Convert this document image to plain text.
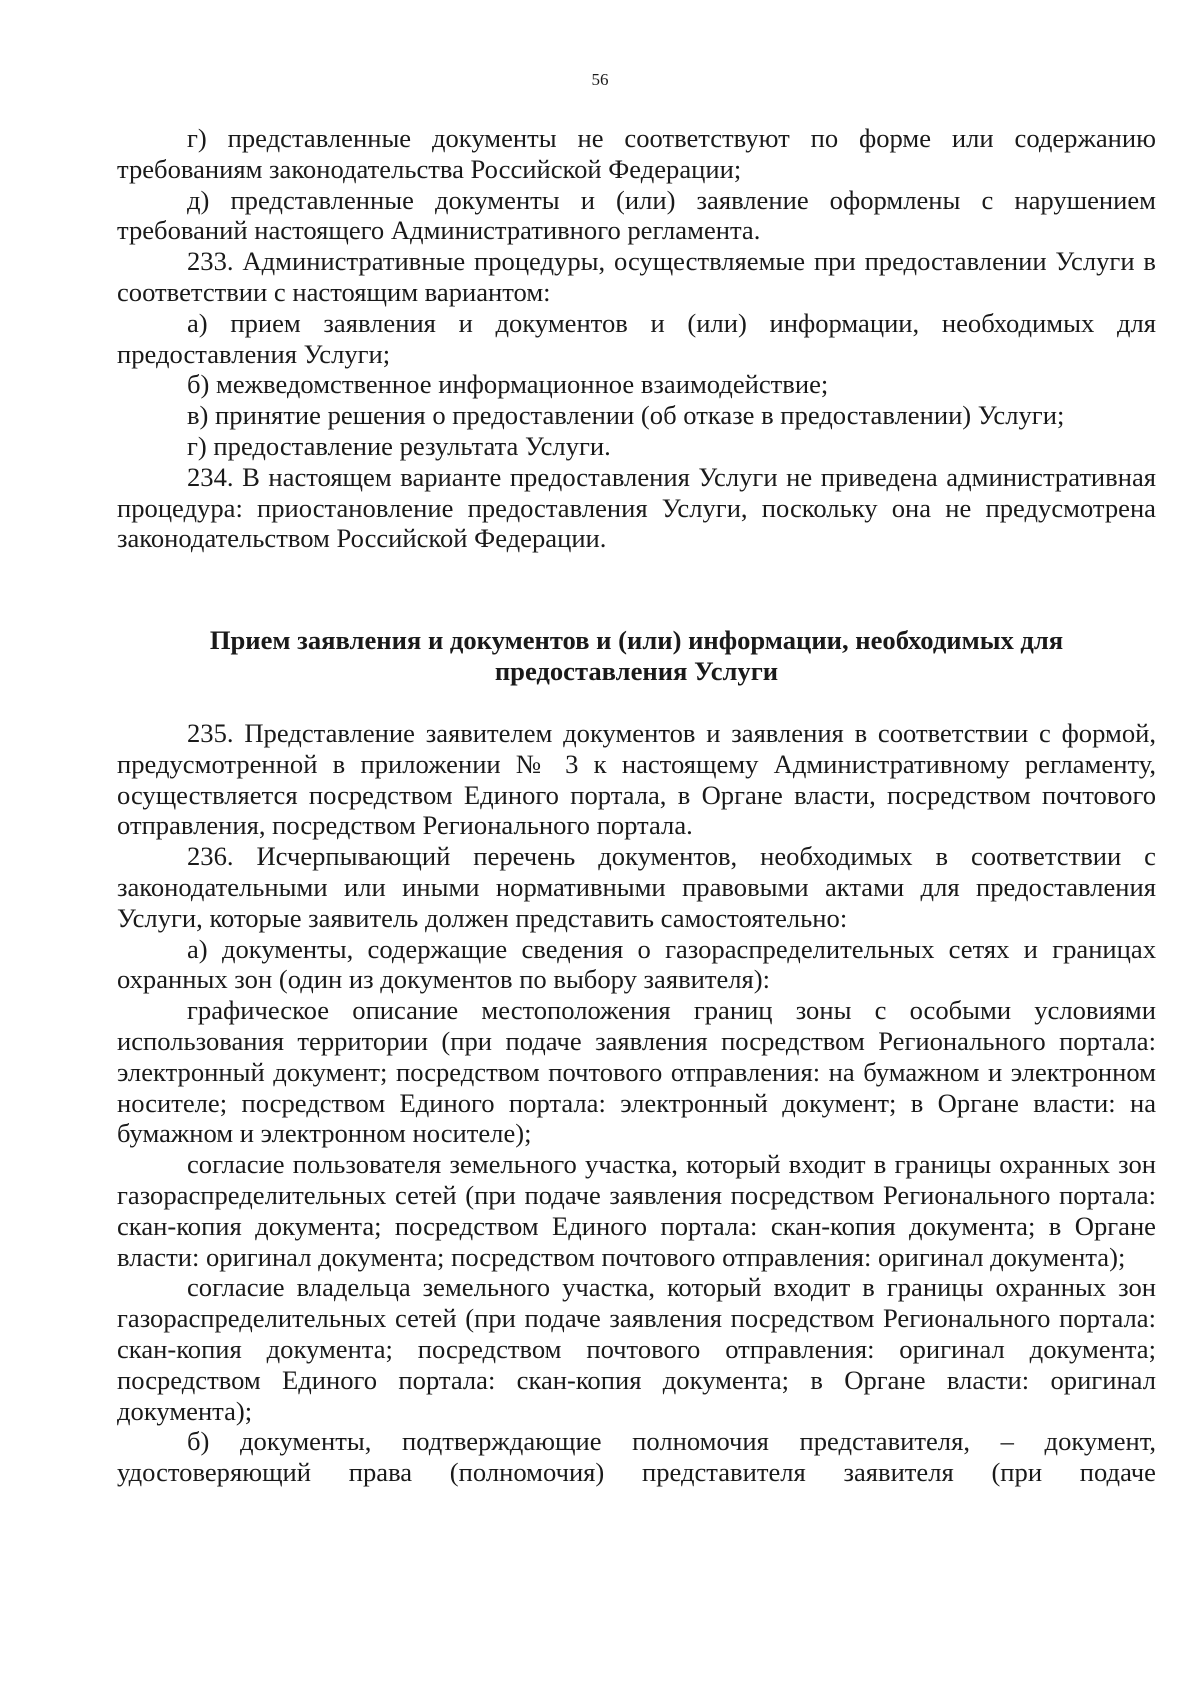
56

г) представленные документы не соответствуют по форме или содержанию требованиям законодательства Российской Федерации;

д) представленные документы и (или) заявление оформлены с нарушением требований настоящего Административного регламента.

233. Административные процедуры, осуществляемые при предоставлении Услуги в соответствии с настоящим вариантом:

а) прием заявления и документов и (или) информации, необходимых для предоставления Услуги;

б) межведомственное информационное взаимодействие;

в) принятие решения о предоставлении (об отказе в предоставлении) Услуги;

г) предоставление результата Услуги.

234. В настоящем варианте предоставления Услуги не приведена административная процедура: приостановление предоставления Услуги, поскольку она не предусмотрена законодательством Российской Федерации.

Прием заявления и документов и (или) информации, необходимых для
предоставления Услуги

235. Представление заявителем документов и заявления в соответствии с формой, предусмотренной в приложении № 3 к настоящему Административному регламенту, осуществляется посредством Единого портала, в Органе власти, посредством почтового отправления, посредством Регионального портала.

236. Исчерпывающий перечень документов, необходимых в соответствии с законодательными или иными нормативными правовыми актами для предоставления Услуги, которые заявитель должен представить самостоятельно:

а) документы, содержащие сведения о газораспределительных сетях и границах охранных зон (один из документов по выбору заявителя):

графическое описание местоположения границ зоны с особыми условиями использования территории (при подаче заявления посредством Регионального портала: электронный документ; посредством почтового отправления: на бумажном и электронном носителе; посредством Единого портала: электронный документ; в Органе власти: на бумажном и электронном носителе);

согласие пользователя земельного участка, который входит в границы охранных зон газораспределительных сетей (при подаче заявления посредством Регионального портала: скан-копия документа; посредством Единого портала: скан-копия документа; в Органе власти: оригинал документа; посредством почтового отправления: оригинал документа);

согласие владельца земельного участка, который входит в границы охранных зон газораспределительных сетей (при подаче заявления посредством Регионального портала: скан-копия документа; посредством почтового отправления: оригинал документа; посредством Единого портала: скан-копия документа; в Органе власти: оригинал документа);

б) документы, подтверждающие полномочия представителя, – документ, удостоверяющий права (полномочия) представителя заявителя (при подаче
